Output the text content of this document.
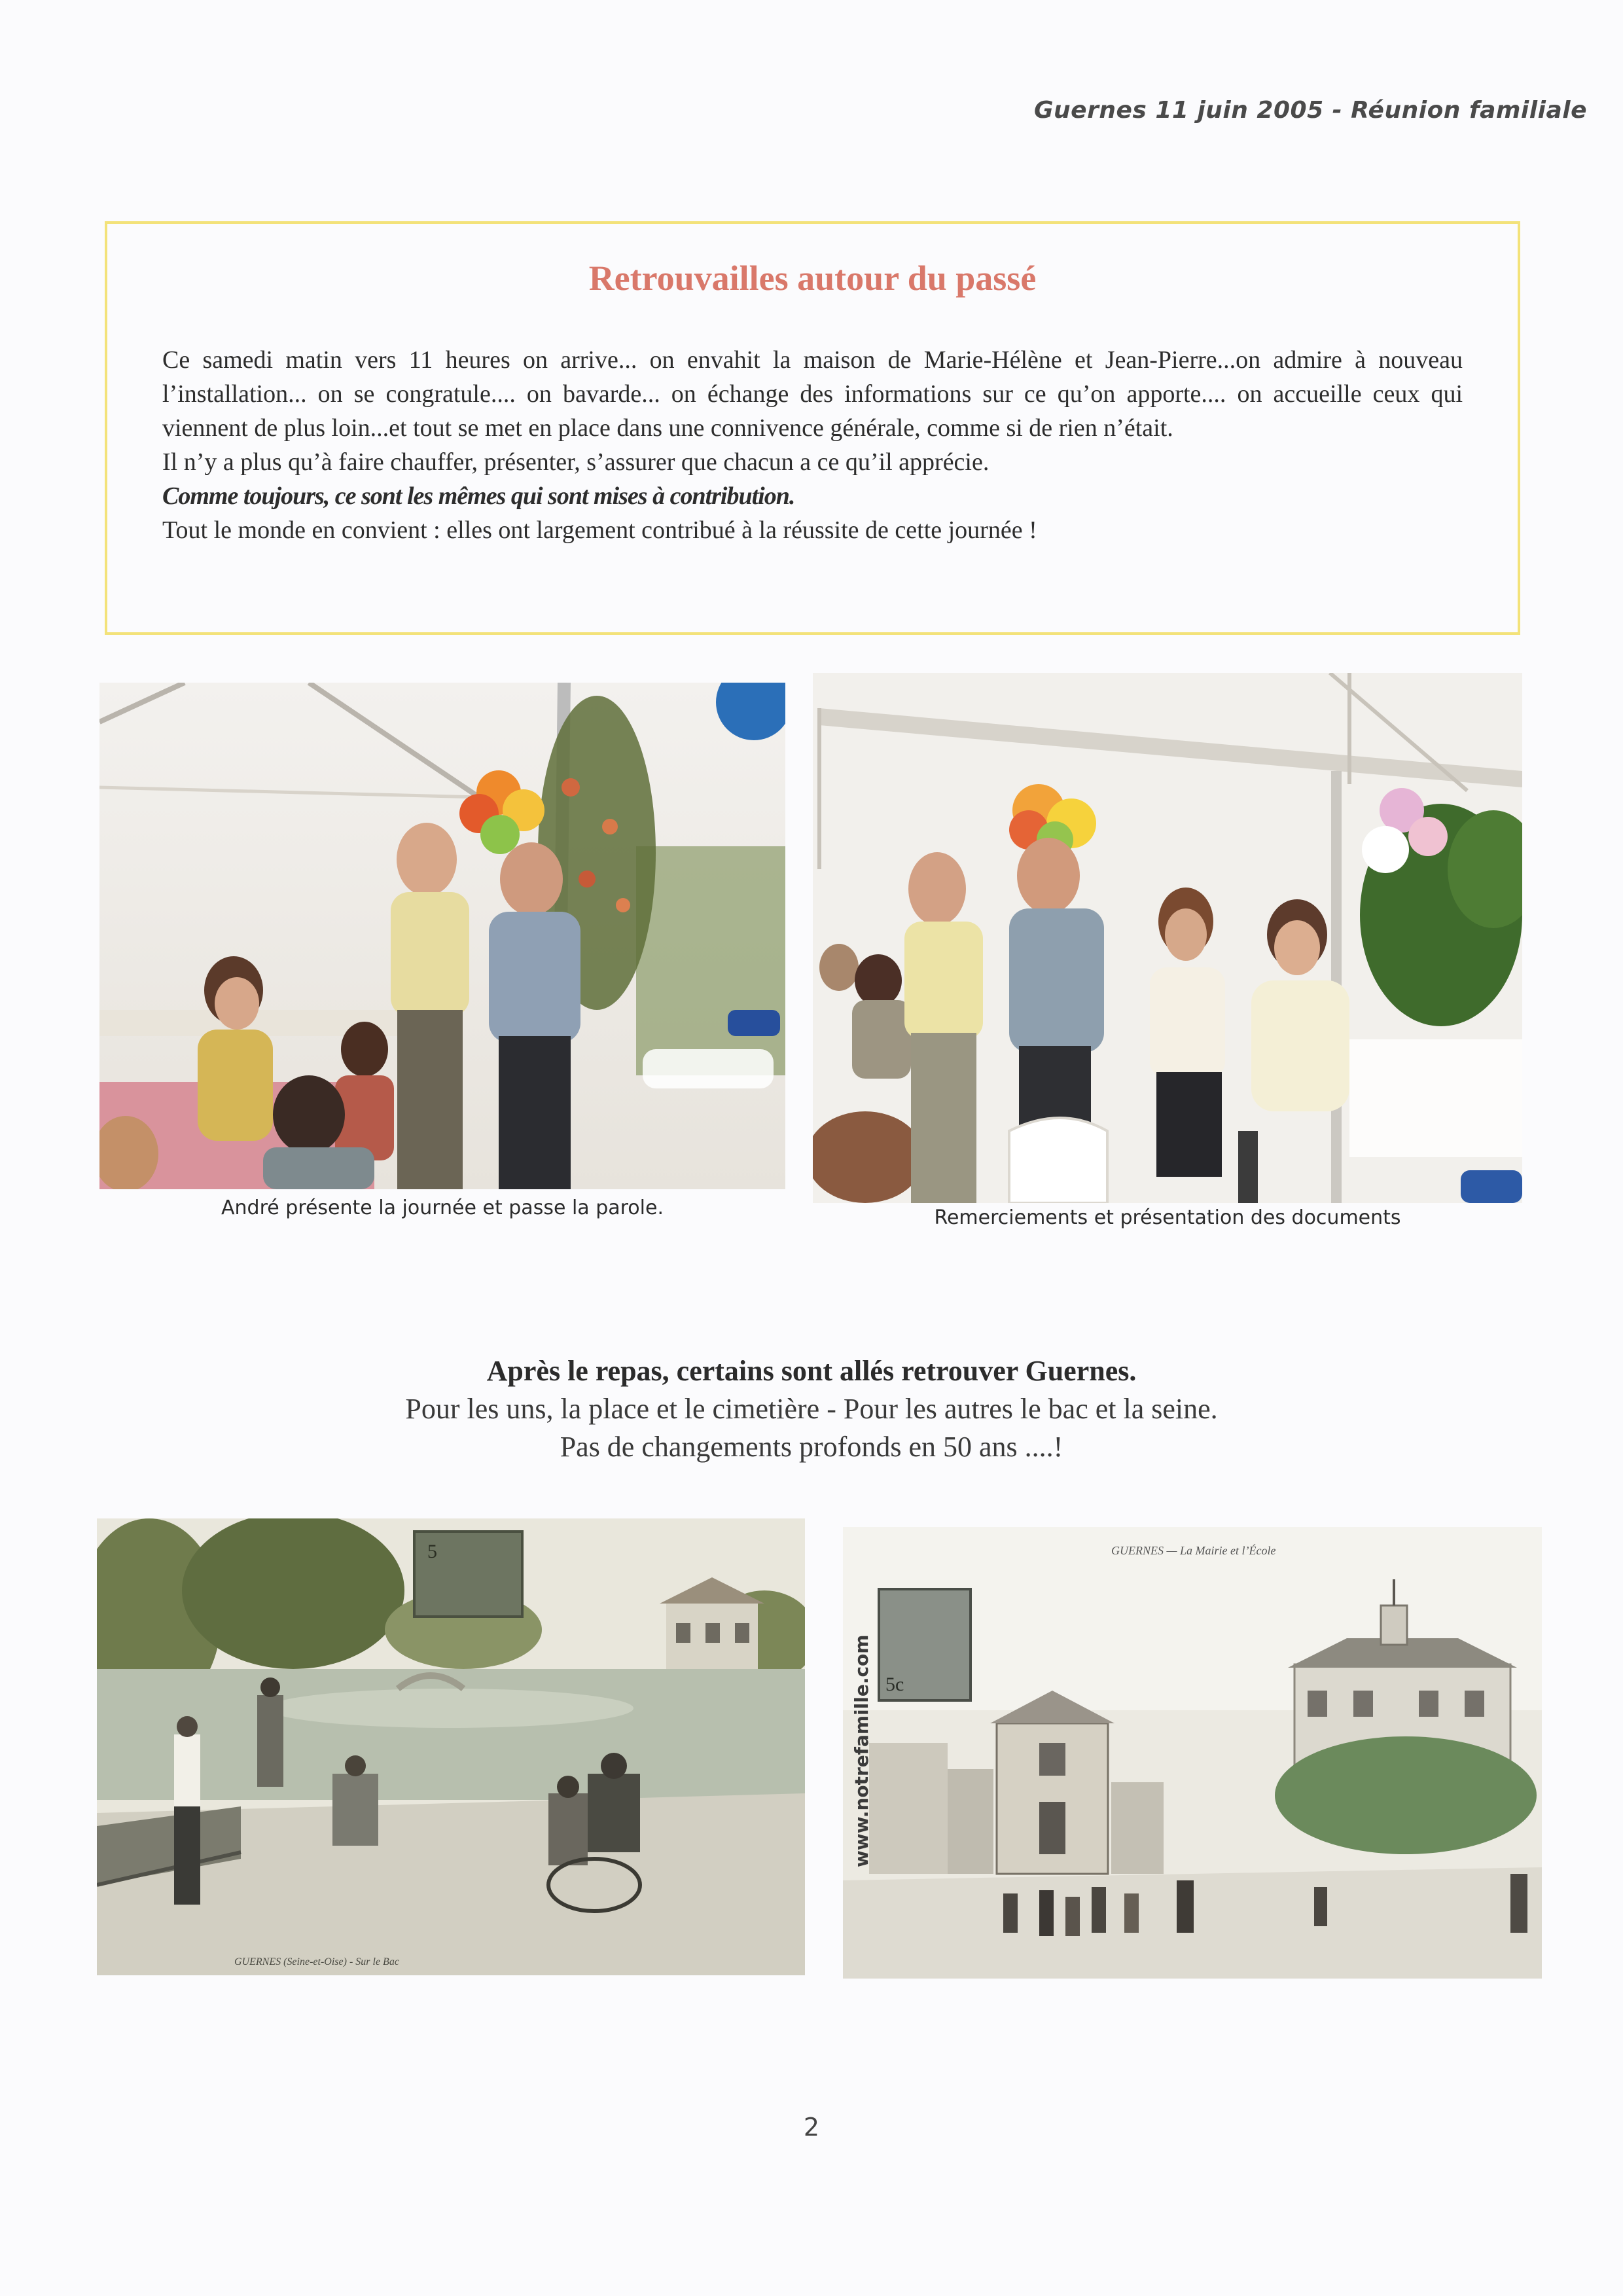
Guernes 11 juin 2005 - Réunion familiale
Retrouvailles autour du passé

Ce samedi matin vers 11 heures on arrive... on envahit la maison de Marie-Hélène et Jean-Pierre...on admire à nouveau l’installation... on se congratule.... on bavarde... on échange des informations sur ce qu’on apporte.... on accueille ceux qui viennent de plus loin...et tout se met en place dans une connivence générale, comme si de rien n’était.

Il n’y a plus qu’à faire chauffer, présenter, s’assurer que chacun a ce qu’il apprécie.

Comme toujours, ce sont les mêmes qui sont mises à contribution.

Tout le monde en convient : elles ont largement contribué à la réussite de cette journée !

André présente la journée et passe la parole.	Remerciements et présentation des documents
Après le repas, certains sont allés retrouver Guernes.
Pour les uns, la place et le cimetière - Pour les autres le bac et la seine.
Pas de changements profonds en 50 ans ....!
5
GUERNES (Seine-et-Oise) - Sur le Bac
GUERNES — La Mairie et l’École
5c
www.notrefamille.com
2
